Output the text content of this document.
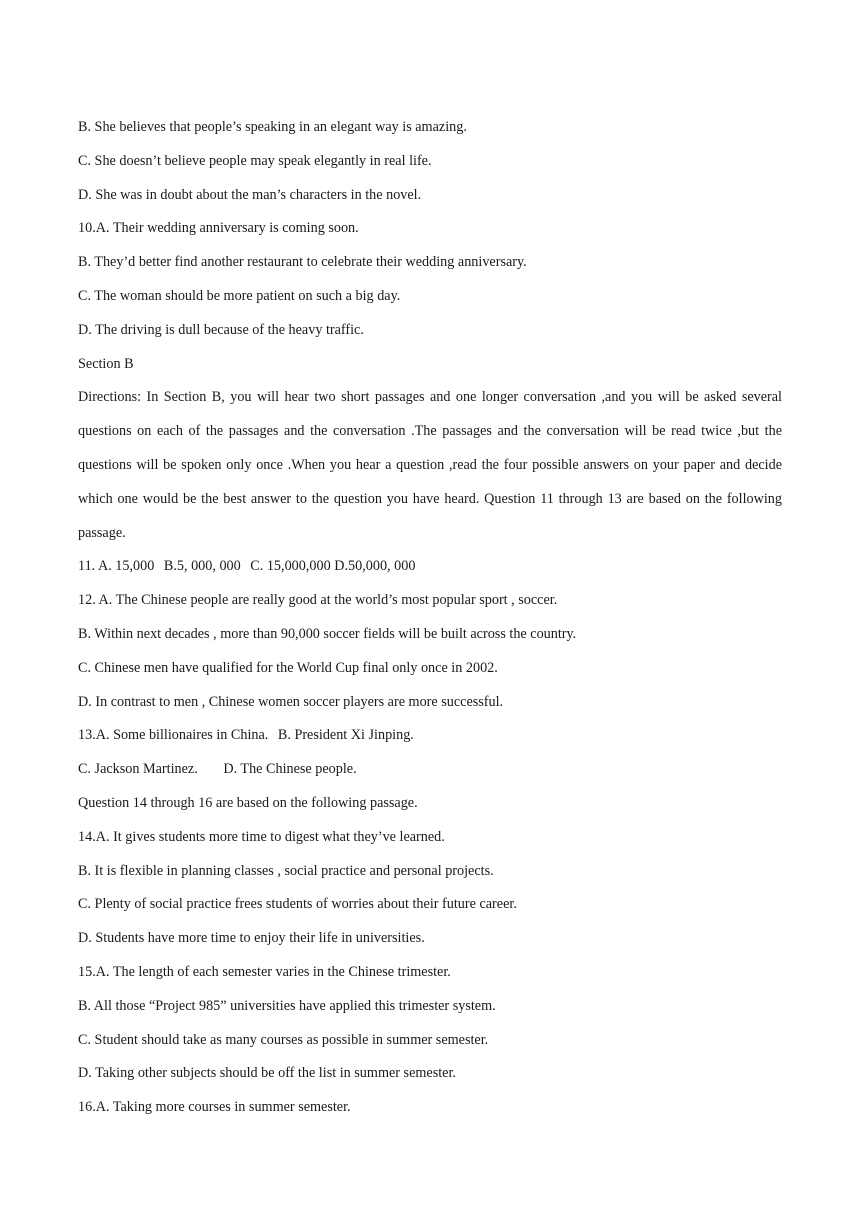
B. She believes that people’s speaking in an elegant way is amazing.
C. She doesn’t believe people may speak elegantly in real life.
D. She was in doubt about the man’s characters in the novel.
10.A. Their wedding anniversary is coming soon.
B. They’d better find another restaurant to celebrate their wedding anniversary.
C. The woman should be more patient on such a big day.
D. The driving is dull because of the heavy traffic.
Section B
Directions: In Section B, you will hear two short passages and one longer conversation ,and you will be asked several questions on each of the passages and the conversation .The passages and the conversation will be read twice ,but the questions will be spoken only once .When you hear a question ,read the four possible answers on your paper and decide which one would be the best answer to the question you have heard. Question 11 through 13 are based on the following passage.
11. A. 15,000 B.5, 000, 000 C. 15,000,000 D.50,000, 000
12. A. The Chinese people are really good at the world’s most popular sport , soccer.
B. Within next decades , more than 90,000 soccer fields will be built across the country.
C. Chinese men have qualified for the World Cup final only once in 2002.
D. In contrast to men , Chinese women soccer players are more successful.
13.A. Some billionaires in China. B. President Xi Jinping.
C. Jackson Martinez. D. The Chinese people.
Question 14 through 16 are based on the following passage.
14.A. It gives students more time to digest what they’ve learned.
B. It is flexible in planning classes , social practice and personal projects.
C. Plenty of social practice frees students of worries about their future career.
D. Students have more time to enjoy their life in universities.
15.A. The length of each semester varies in the Chinese trimester.
B. All those “Project 985” universities have applied this trimester system.
C. Student should take as many courses as possible in summer semester.
D. Taking other subjects should be off the list in summer semester.
16.A. Taking more courses in summer semester.
